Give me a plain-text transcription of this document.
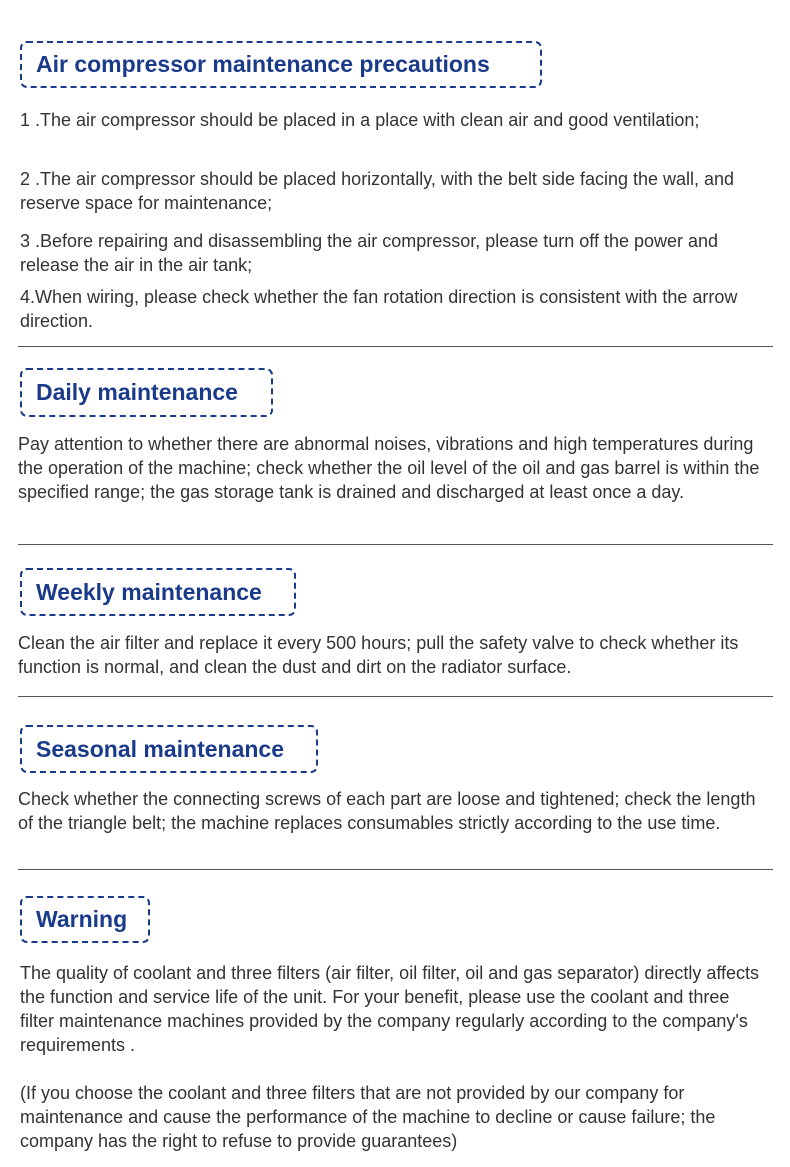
Air compressor maintenance precautions

1 .The air compressor should be placed in a place with clean air and good ventilation;

2 .The air compressor should be placed horizontally, with the belt side facing the wall, and reserve space for maintenance;

3 .Before repairing and disassembling the air compressor, please turn off the power and release the air in the air tank;

4.When wiring, please check whether the fan rotation direction is consistent with the arrow direction.

Daily maintenance

Pay attention to whether there are abnormal noises, vibrations and high temperatures during the operation of the machine; check whether the oil level of the oil and gas barrel is within the specified range; the gas storage tank is drained and discharged at least once a day.

Weekly maintenance

Clean the air filter and replace it every 500 hours; pull the safety valve to check whether its function is normal, and clean the dust and dirt on the radiator surface.

Seasonal maintenance

Check whether the connecting screws of each part are loose and tightened; check the length of the triangle belt; the machine replaces consumables strictly according to the use time.

Warning

The quality of coolant and three filters (air filter, oil filter, oil and gas separator) directly affects the function and service life of the unit. For your benefit, please use the coolant and three filter maintenance machines provided by the company regularly according to the company's requirements .

(If you choose the coolant and three filters that are not provided by our company for maintenance and cause the performance of the machine to decline or cause failure; the company has the right to refuse to provide guarantees)
